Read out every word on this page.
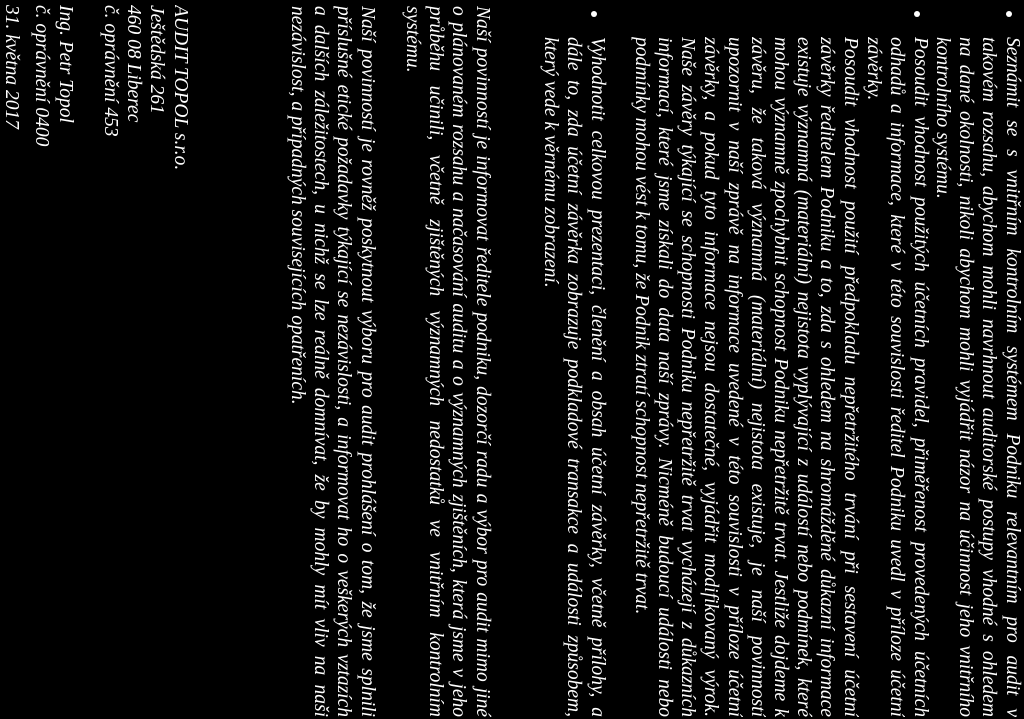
Seznámit se s vnitřním kontrolním systémem Podniku relevantním pro audit v
takovém rozsahu, abychom mohli navrhnout auditorské postupy vhodné s ohledem
na dané okolnosti, nikoli abychom mohli vyjádřit názor na účinnost jeho vnitřního
kontrolního systému.
Posoudit vhodnost použitých účetních pravidel, přiměřenost provedených účetních
odhadů a informace, které v této souvislosti ředitel Podniku uvedl v příloze účetní
závěrky.
Posoudit vhodnost použití předpokladu nepřetržitého trvání při sestavení účetní
závěrky ředitelem Podniku a to, zda s ohledem na shromážděné důkazní informace
existuje významná (materiální) nejistota vyplývající z událostí nebo podmínek, které
mohou významně zpochybnit schopnost Podniku nepřetržitě trvat. Jestliže dojdeme k
závěru, že taková významná (materiální) nejistota existuje, je naší povinností
upozornit v naší zprávě na informace uvedené v této souvislosti v příloze účetní
závěrky, a pokud tyto informace nejsou dostatečné, vyjádřit modifikovaný výrok.
Naše závěry týkající se schopnosti Podniku nepřetržitě trvat vycházejí z důkazních
informací, které jsme získali do data naší zprávy. Nicméně budoucí události nebo
podmínky mohou vést k tomu, že Podnik ztratí schopnost nepřetržitě trvat.
Vyhodnotit celkovou prezentaci, členění a obsah účetní závěrky, včetně přílohy, a
dále to, zda účetní závěrka zobrazuje podkladové transakce a události způsobem,
který vede k věrnému zobrazení.
Naší povinností je informovat ředitele podniku, dozorčí radu a výbor pro audit mimo jiné
o plánovaném rozsahu a načasování auditu a o významných zjištěních, která jsme v jeho
průběhu učinili, včetně zjištěných významných nedostatků ve vnitřním kontrolním
systému.
Naší povinností je rovněž poskytnout výboru pro audit prohlášení o tom, že jsme splnili
příslušné etické požadavky týkající se nezávislosti, a informovat ho o veškerých vztazích
a dalších záležitostech, u nichž se lze reálně domnívat, že by mohly mít vliv na naši
nezávislost, a případných souvisejících opatřeních.
AUDIT TOPOL s.r.o.
Ještědská 261
460 08 Liberec
č. oprávnění 453
Ing. Petr Topol
č. oprávnění 0400
31. května 2017
